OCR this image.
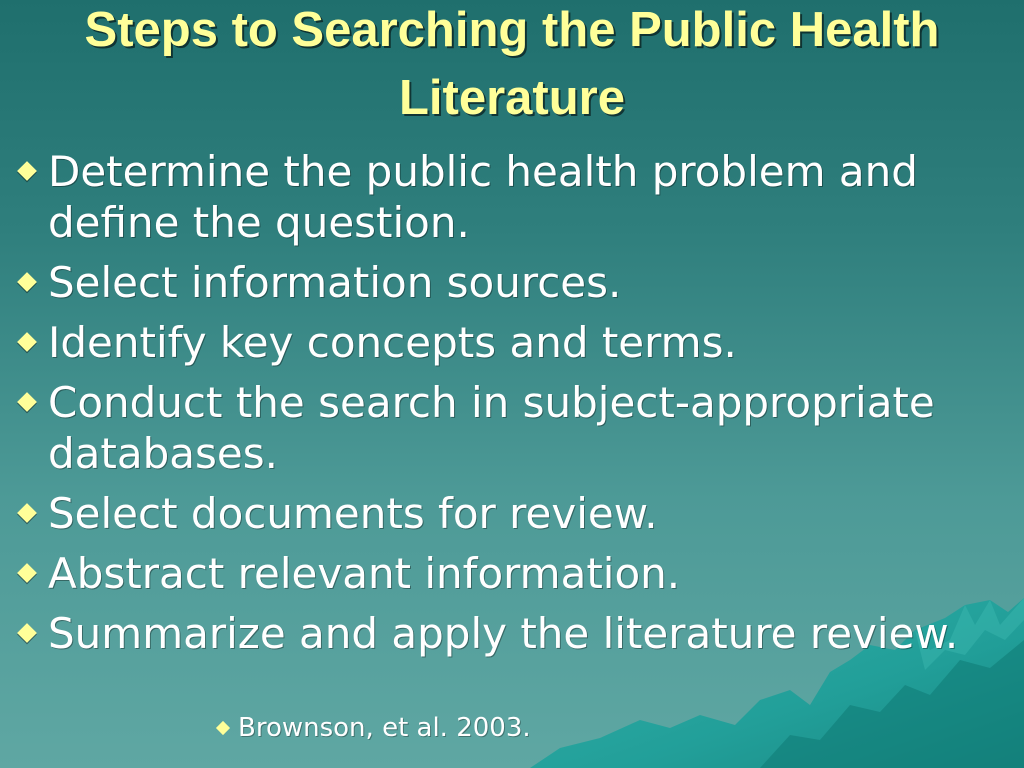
Steps to Searching the Public Health Literature
Determine the public health problem and define the question.
Select information sources.
Identify key concepts and terms.
Conduct the search in subject-appropriate databases.
Select documents for review.
Abstract relevant information.
Summarize and apply the literature review.
Brownson, et al. 2003.
